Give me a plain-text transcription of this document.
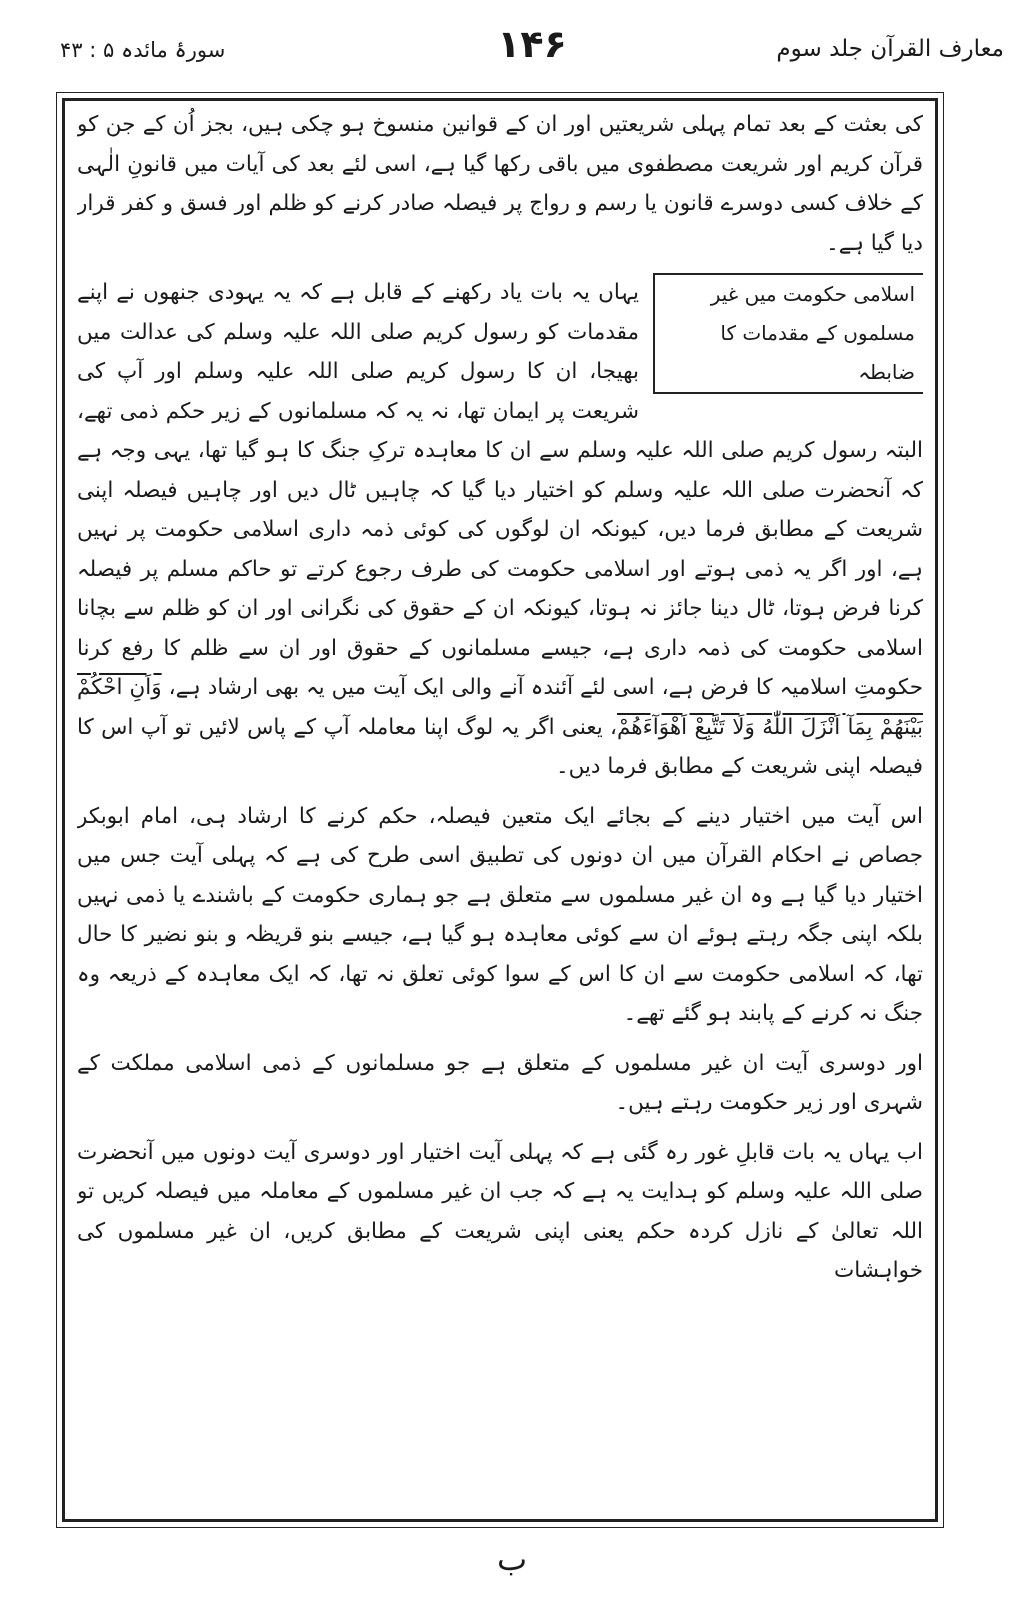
معارف القرآن جلد سوم
۱۴۶
سورۂ مائدہ ۵ : ۴۳

کی بعثت کے بعد تمام پہلی شریعتیں اور ان کے قوانین منسوخ ہو چکی ہیں، بجز اُن کے جن کو قرآن کریم اور شریعت مصطفوی میں باقی رکھا گیا ہے، اسی لئے بعد کی آیات میں قانونِ الٰہی کے خلاف کسی دوسرے قانون یا رسم و رواج پر فیصلہ صادر کرنے کو ظلم اور فسق و کفر قرار دیا گیا ہے۔

اسلامی حکومت میں غیر مسلموں کے مقدمات کا ضابطہ

یہاں یہ بات یاد رکھنے کے قابل ہے کہ یہ یہودی جنھوں نے اپنے مقدمات کو رسول کریم صلی اللہ علیہ وسلم کی عدالت میں بھیجا، ان کا رسول کریم صلی اللہ علیہ وسلم اور آپ کی شریعت پر ایمان تھا، نہ یہ کہ مسلمانوں کے زیر حکم ذمی تھے، البتہ رسول کریم صلی اللہ علیہ وسلم سے ان کا معاہدہ ترکِ جنگ کا ہو گیا تھا، یہی وجہ ہے کہ آنحضرت صلی اللہ علیہ وسلم کو اختیار دیا گیا کہ چاہیں ٹال دیں اور چاہیں فیصلہ اپنی شریعت کے مطابق فرما دیں، کیونکہ ان لوگوں کی کوئی ذمہ داری اسلامی حکومت پر نہیں ہے، اور اگر یہ ذمی ہوتے اور اسلامی حکومت کی طرف رجوع کرتے تو حاکم مسلم پر فیصلہ کرنا فرض ہوتا، ٹال دینا جائز نہ ہوتا، کیونکہ ان کے حقوق کی نگرانی اور ان کو ظلم سے بچانا اسلامی حکومت کی ذمہ داری ہے، جیسے مسلمانوں کے حقوق اور ان سے ظلم کا رفع کرنا حکومتِ اسلامیہ کا فرض ہے، اسی لئے آئندہ آنے والی ایک آیت میں یہ بھی ارشاد ہے، وَاَنِ احْكُمْ بَيْنَهُمْ بِمَآ اَنْزَلَ اللّٰهُ وَلَا تَتَّبِعْ اَهْوَآءَهُمْ، یعنی اگر یہ لوگ اپنا معاملہ آپ کے پاس لائیں تو آپ اس کا فیصلہ اپنی شریعت کے مطابق فرما دیں۔

اس آیت میں اختیار دینے کے بجائے ایک متعین فیصلہ، حکم کرنے کا ارشاد ہی، امام ابوبکر جصاص نے احکام القرآن میں ان دونوں کی تطبیق اسی طرح کی ہے کہ پہلی آیت جس میں اختیار دیا گیا ہے وہ ان غیر مسلموں سے متعلق ہے جو ہماری حکومت کے باشندے یا ذمی نہیں بلکہ اپنی جگہ رہتے ہوئے ان سے کوئی معاہدہ ہو گیا ہے، جیسے بنو قریظہ و بنو نضیر کا حال تھا، کہ اسلامی حکومت سے ان کا اس کے سوا کوئی تعلق نہ تھا، کہ ایک معاہدہ کے ذریعہ وہ جنگ نہ کرنے کے پابند ہو گئے تھے۔

اور دوسری آیت ان غیر مسلموں کے متعلق ہے جو مسلمانوں کے ذمی اسلامی مملکت کے شہری اور زیر حکومت رہتے ہیں۔

اب یہاں یہ بات قابلِ غور رہ گئی ہے کہ پہلی آیت اختیار اور دوسری آیت دونوں میں آنحضرت صلی اللہ علیہ وسلم کو ہدایت یہ ہے کہ جب ان غیر مسلموں کے معاملہ میں فیصلہ کریں تو اللہ تعالیٰ کے نازل کردہ حکم یعنی اپنی شریعت کے مطابق کریں، ان غیر مسلموں کی خواہشات

ب
